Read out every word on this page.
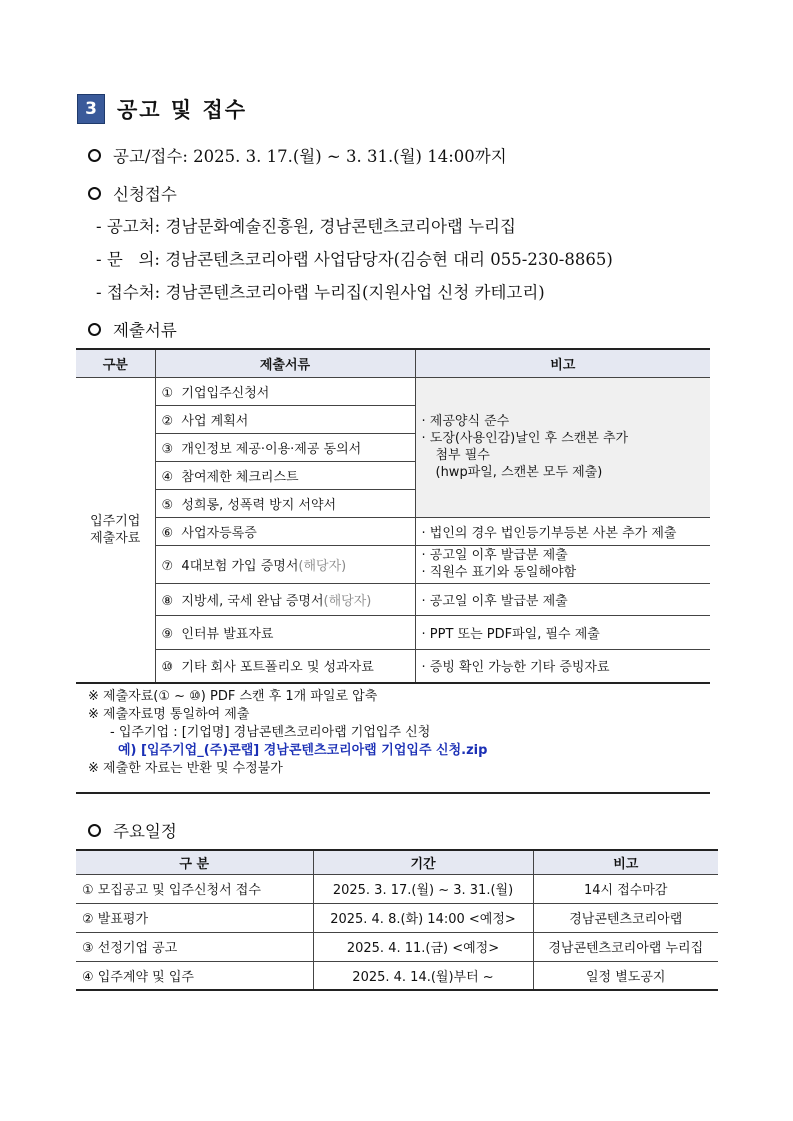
3 공고 및 접수
공고/접수: 2025. 3. 17.(월) ~ 3. 31.(월) 14:00까지
신청접수
- 공고처: 경남문화예술진흥원, 경남콘텐츠코리아랩 누리집
- 문   의: 경남콘텐츠코리아랩 사업담당자(김승현 대리 055-230-8865)
- 접수처: 경남콘텐츠코리아랩 누리집(지원사업 신청 카테고리)
제출서류
구분	제출서류	비고

입주기업
제출자료	① 기업입주신청서	· 제공양식 준수
· 도장(사용인감)날인 후 스캔본 추가
첨부 필수
(hwp파일, 스캔본 모두 제출)

	② 사업 계획서	
	③ 개인정보 제공·이용·제공 동의서	
	④ 참여제한 체크리스트	
	⑤ 성희롱, 성폭력 방지 서약서	
	⑥ 사업자등록증	· 법인의 경우 법인등기부등본 사본 추가 제출
	⑦ 4대보험 가입 증명서(해당자)	· 공고일 이후 발급분 제출
· 직원수 표기와 동일해야함

	⑧ 지방세, 국세 완납 증명서(해당자)	· 공고일 이후 발급분 제출
	⑨ 인터뷰 발표자료	· PPT 또는 PDF파일, 필수 제출
	⑩ 기타 회사 포트폴리오 및 성과자료	· 증빙 확인 가능한 기타 증빙자료
※ 제출자료(① ~ ⑩) PDF 스캔 후 1개 파일로 압축
※ 제출자료명 통일하여 제출
- 입주기업 : [기업명] 경남콘텐츠코리아랩 기업입주 신청
예) [입주기업_(주)콘랩] 경남콘텐츠코리아랩 기업입주 신청.zip
※ 제출한 자료는 반환 및 수정불가
주요일정
구 분	기간	비고
① 모집공고 및 입주신청서 접수	2025. 3. 17.(월) ~ 3. 31.(월)	14시 접수마감
② 발표평가	2025. 4. 8.(화) 14:00 <예정>	경남콘텐츠코리아랩
③ 선정기업 공고	2025. 4. 11.(금) <예정>	경남콘텐츠코리아랩 누리집
④ 입주계약 및 입주	2025. 4. 14.(월)부터 ~	일정 별도공지
